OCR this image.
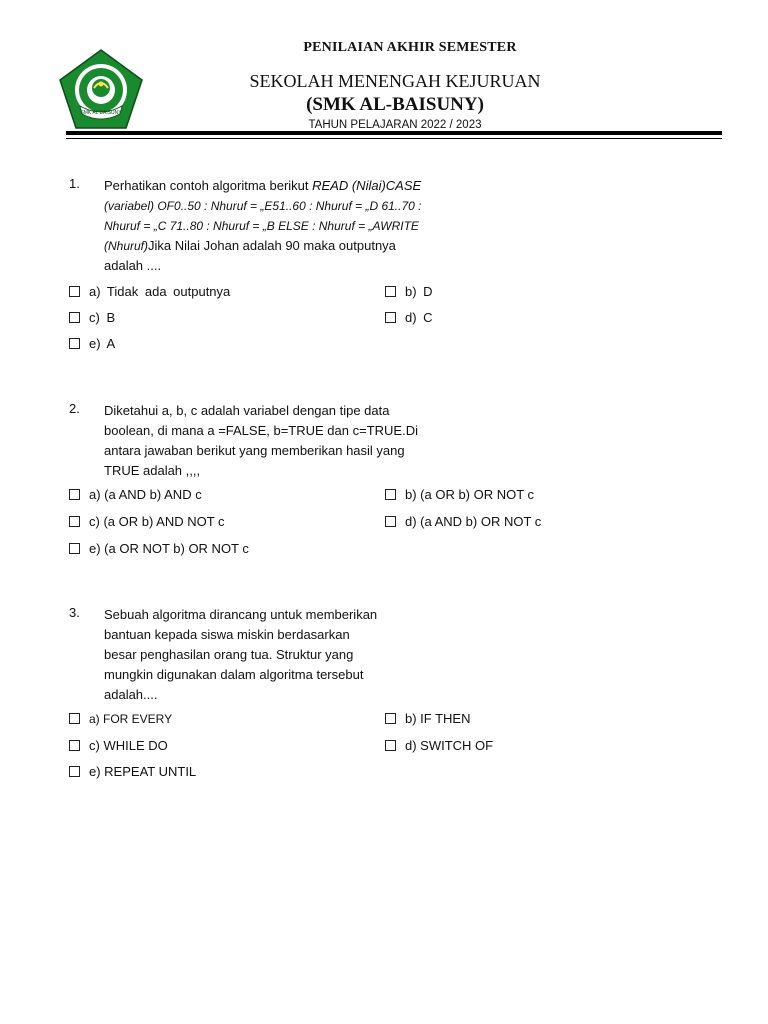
SMK AL BAISUNY
PENILAIAN AKHIR SEMESTER
SEKOLAH MENENGAH KEJURUAN
(SMK AL-BAISUNY)
TAHUN PELAJARAN 2022 / 2023
1. Perhatikan contoh algoritma berikut READ (Nilai)CASE
(variabel) OF0..50 : Nhuruf = „E51..60 : Nhuruf = „D 61..70 :
Nhuruf = „C 71..80 : Nhuruf = „B ELSE : Nhuruf = „AWRITE
(Nhuruf)Jika Nilai Johan adalah 90 maka outputnya
adalah ....
a) Tidak ada outputnya	b) D
c) B	d) C
e) A
2. Diketahui a, b, c adalah variabel dengan tipe data
boolean, di mana a =FALSE, b=TRUE dan c=TRUE.Di
antara jawaban berikut yang memberikan hasil yang
TRUE adalah ,,,,
a) (a AND b) AND c	b) (a OR b) OR NOT c
c) (a OR b) AND NOT c	d) (a AND b) OR NOT c
e) (a OR NOT b) OR NOT c
3. Sebuah algoritma dirancang untuk memberikan
bantuan kepada siswa miskin berdasarkan
besar penghasilan orang tua. Struktur yang
mungkin digunakan dalam algoritma tersebut
adalah....
a) FOR EVERY	b) IF THEN
c) WHILE DO	d) SWITCH OF
e) REPEAT UNTIL
